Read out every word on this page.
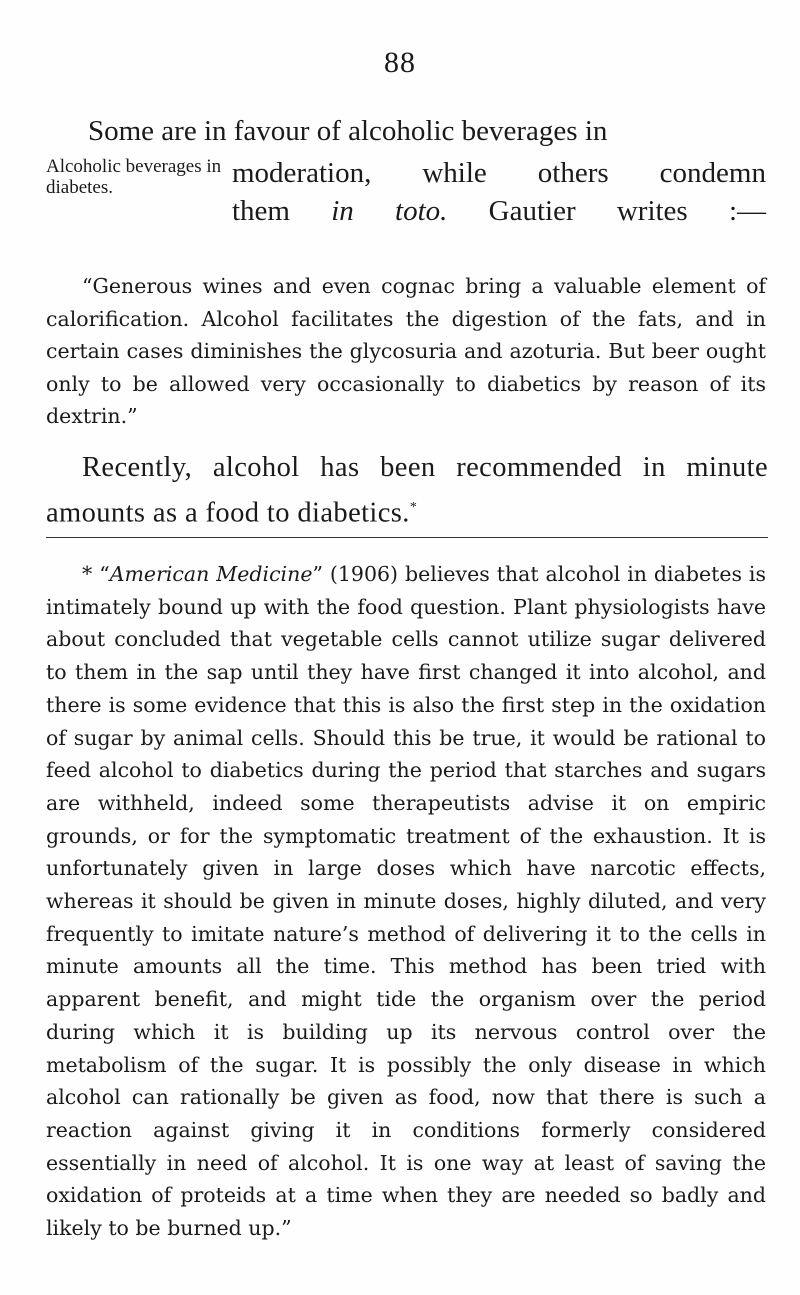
88
Some are in favour of alcoholic beverages in
Alcoholic beverages in diabetes.	moderation, while others condemn
them in toto. Gautier writes :—
“Generous wines and even cognac bring a valuable element of calorification. Alcohol facilitates the digestion of the fats, and in certain cases diminishes the glycosuria and azoturia. But beer ought only to be allowed very occasionally to diabetics by reason of its dextrin.”
Recently, alcohol has been recommended in minute amounts as a food to diabetics.*
* “American Medicine” (1906) believes that alcohol in diabetes is intimately bound up with the food question. Plant physiologists have about concluded that vegetable cells cannot utilize sugar delivered to them in the sap until they have first changed it into alcohol, and there is some evidence that this is also the first step in the oxidation of sugar by animal cells. Should this be true, it would be rational to feed alcohol to diabetics during the period that starches and sugars are withheld, indeed some therapeutists advise it on empiric grounds, or for the symptomatic treatment of the exhaustion. It is unfortunately given in large doses which have narcotic effects, whereas it should be given in minute doses, highly diluted, and very frequently to imitate nature’s method of delivering it to the cells in minute amounts all the time. This method has been tried with apparent benefit, and might tide the organism over the period during which it is building up its nervous control over the metabolism of the sugar. It is possibly the only disease in which alcohol can rationally be given as food, now that there is such a reaction against giving it in conditions formerly considered essentially in need of alcohol. It is one way at least of saving the oxidation of proteids at a time when they are needed so badly and likely to be burned up.”
